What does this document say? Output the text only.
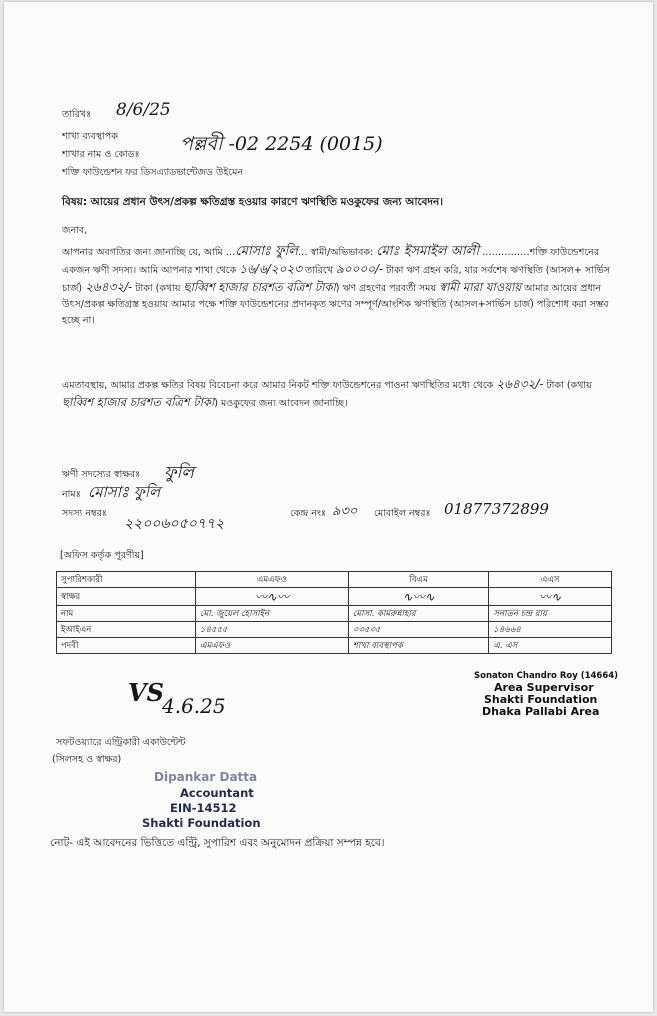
তারিখঃ 8/6/25
শাখা ব্যবস্থাপক
শাখার নাম ও কোডঃ পল্লবী -02 2254 (0015)
শক্তি ফাউন্ডেশন ফর ডিসএ্যাডভান্টেজড উইমেন
বিষয়: আয়ের প্রধান উৎস/প্রকল্প ক্ষতিগ্রস্ত হওয়ার কারণে ঋণস্থিতি মওকুফের জন্য আবেদন।
জনাব,
আপনার অবগতির জন্য জানাচ্ছি যে, আমি …মোসাঃ ফুলি… স্বামী/অভিভাবক: মোঃ ইসমাইল আলী ……………শক্তি ফাউন্ডেশনের একজন ঋণী সদস্য। আমি আপনার শাখা থেকে ১৬/৬/২০২৩ তারিখে ৯০০০০/- টাকা ঋণ গ্রহন করি, যার সর্বশেষ ঋণস্থিতি (আসল+ সার্ভিস চার্জ) ২৬৪৩২/- টাকা (কথায় ছাব্বিশ হাজার চারশত বত্রিশ টাকা) ঋণ গ্রহণের পরবর্তী সময় স্বামী মারা যাওয়ায় আমার আয়ের প্রধান উৎস/প্রকল্প ক্ষতিগ্রস্ত হওয়ায় আমার পক্ষে শক্তি ফাউন্ডেশনের প্রদানকৃত ঋণের সম্পূর্ণ/আংশিক ঋণস্থিতি (আসল+সার্ভিস চার্জ) পরিশোধ করা সম্ভব হচ্ছে না।
এমতাবস্থায়, আমার প্রকল্প ক্ষতির বিষয় বিবেচনা করে আমার নিকট শক্তি ফাউন্ডেশনের পাওনা ঋণস্থিতির মধ্যে থেকে ২৬৪৩২/- টাকা (কথায় ছাব্বিশ হাজার চারশত বত্রিশ টাকা) মওকুফের জন্য আবেদন জানাচ্ছি।
ঋণী সদস্যের স্বাক্ষরঃ ফুলি
নামঃ মোসাঃ ফুলি
সদস্য নম্বরঃ
২২০০৬০৫০৭৭২
কেন্দ্র নংঃ ৯৩০ মোবাইল নম্বরঃ 01877372899
[অফিস কর্তৃক পূরণীয়]
সুপারিশকারী	এমএফও	বিএম	এএস
স্বাক্ষর	〰∿〰	∿〰∿	〰∿
নাম	মো. জুয়েল হোসাইন	মোসা. কামরুন্নাহার	সনাতন চন্দ্র রায়
ইআইএন	১৪৫৫৫	০৩৫৩৫	১৪৬৬৪
পদবী	এমএফও	শাখা ব্যবস্থাপক	এ. এস
Sonaton Chandro Roy (14664)
Area Supervisor
Shakti Foundation
Dhaka Pallabi Area
VS
4.6.25
সফটওয়্যারে এন্ট্রিকারী একাউন্টেন্ট
(সিলসহ ও স্বাক্ষর)
Dipankar Datta
Accountant
EIN-14512
Shakti Foundation
নোট- এই আবেদনের ভিত্তিতে এন্ট্রি, সুপারিশ এবং অনুমোদন প্রক্রিয়া সম্পন্ন হবে।
